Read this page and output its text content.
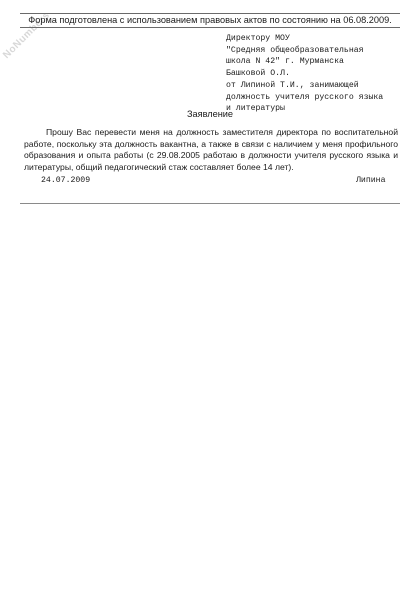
NoNumbers
Форма подготовлена с использованием правовых актов по состоянию на 06.08.2009.
Директору МОУ
"Средняя общеобразовательная
школа N 42" г. Мурманска
Башковой О.Л.
от Липиной Т.И., занимающей
должность учителя русского языка
и литературы
Заявление
Прошу Вас перевести меня на должность заместителя директора по воспитательной работе, поскольку эта должность вакантна, а также в связи с наличием у меня профильного образования и опыта работы (с 29.08.2005 работаю в должности учителя русского языка и литературы, общий педагогический стаж составляет более 14 лет).
24.07.2009	Липина
